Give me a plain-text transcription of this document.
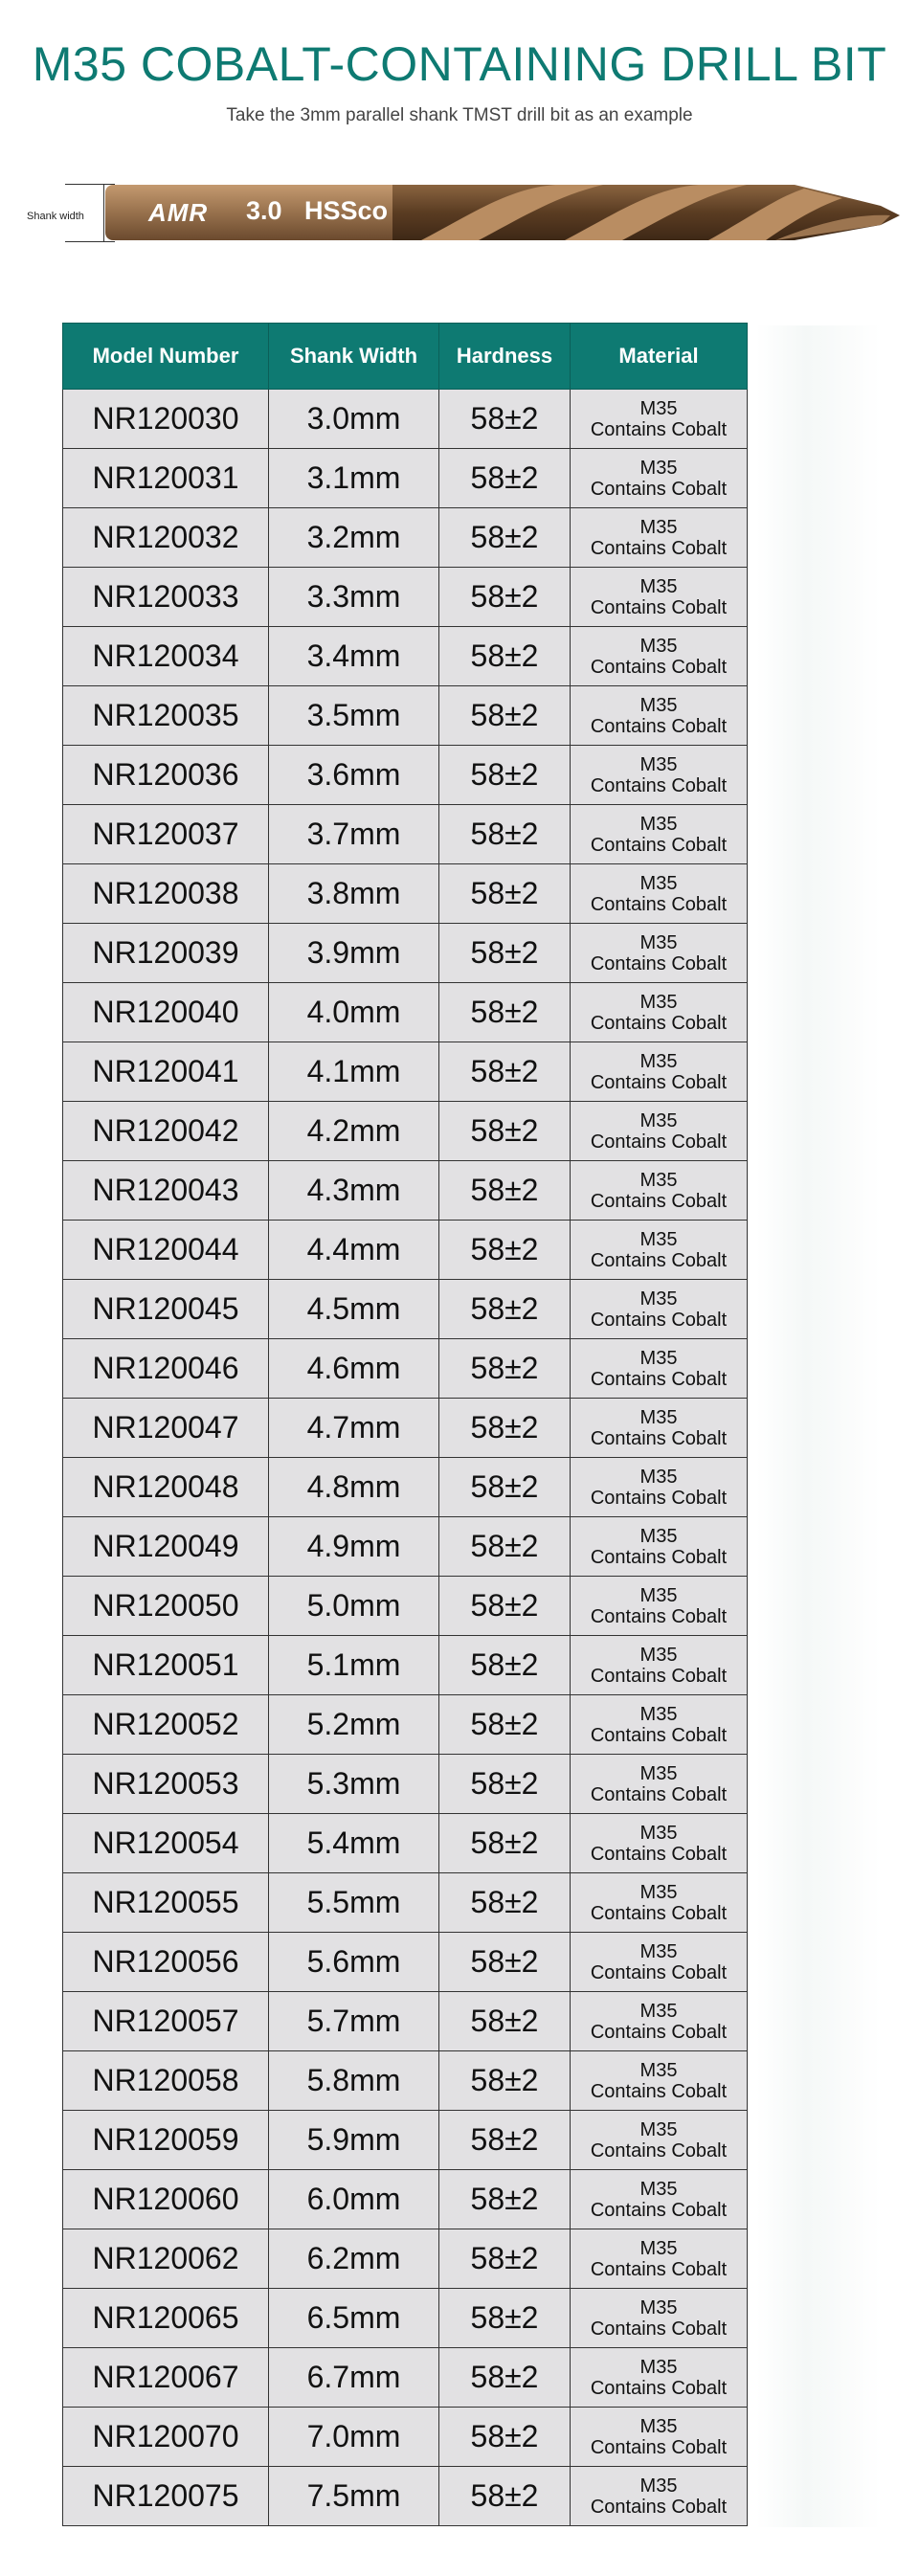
M35 COBALT-CONTAINING DRILL BIT
Take the 3mm parallel shank TMST drill bit as an example
Shank width	AMR 3.0 HSSco
Model Number	Shank Width	Hardness	Material
NR120030	3.0mm	58±2	M35
Contains Cobalt

NR120031	3.1mm	58±2	M35
Contains Cobalt

NR120032	3.2mm	58±2	M35
Contains Cobalt

NR120033	3.3mm	58±2	M35
Contains Cobalt

NR120034	3.4mm	58±2	M35
Contains Cobalt

NR120035	3.5mm	58±2	M35
Contains Cobalt

NR120036	3.6mm	58±2	M35
Contains Cobalt

NR120037	3.7mm	58±2	M35
Contains Cobalt

NR120038	3.8mm	58±2	M35
Contains Cobalt

NR120039	3.9mm	58±2	M35
Contains Cobalt

NR120040	4.0mm	58±2	M35
Contains Cobalt

NR120041	4.1mm	58±2	M35
Contains Cobalt

NR120042	4.2mm	58±2	M35
Contains Cobalt

NR120043	4.3mm	58±2	M35
Contains Cobalt

NR120044	4.4mm	58±2	M35
Contains Cobalt

NR120045	4.5mm	58±2	M35
Contains Cobalt

NR120046	4.6mm	58±2	M35
Contains Cobalt

NR120047	4.7mm	58±2	M35
Contains Cobalt

NR120048	4.8mm	58±2	M35
Contains Cobalt

NR120049	4.9mm	58±2	M35
Contains Cobalt

NR120050	5.0mm	58±2	M35
Contains Cobalt

NR120051	5.1mm	58±2	M35
Contains Cobalt

NR120052	5.2mm	58±2	M35
Contains Cobalt

NR120053	5.3mm	58±2	M35
Contains Cobalt

NR120054	5.4mm	58±2	M35
Contains Cobalt

NR120055	5.5mm	58±2	M35
Contains Cobalt

NR120056	5.6mm	58±2	M35
Contains Cobalt

NR120057	5.7mm	58±2	M35
Contains Cobalt

NR120058	5.8mm	58±2	M35
Contains Cobalt

NR120059	5.9mm	58±2	M35
Contains Cobalt

NR120060	6.0mm	58±2	M35
Contains Cobalt

NR120062	6.2mm	58±2	M35
Contains Cobalt

NR120065	6.5mm	58±2	M35
Contains Cobalt

NR120067	6.7mm	58±2	M35
Contains Cobalt

NR120070	7.0mm	58±2	M35
Contains Cobalt

NR120075	7.5mm	58±2	M35
Contains Cobalt
